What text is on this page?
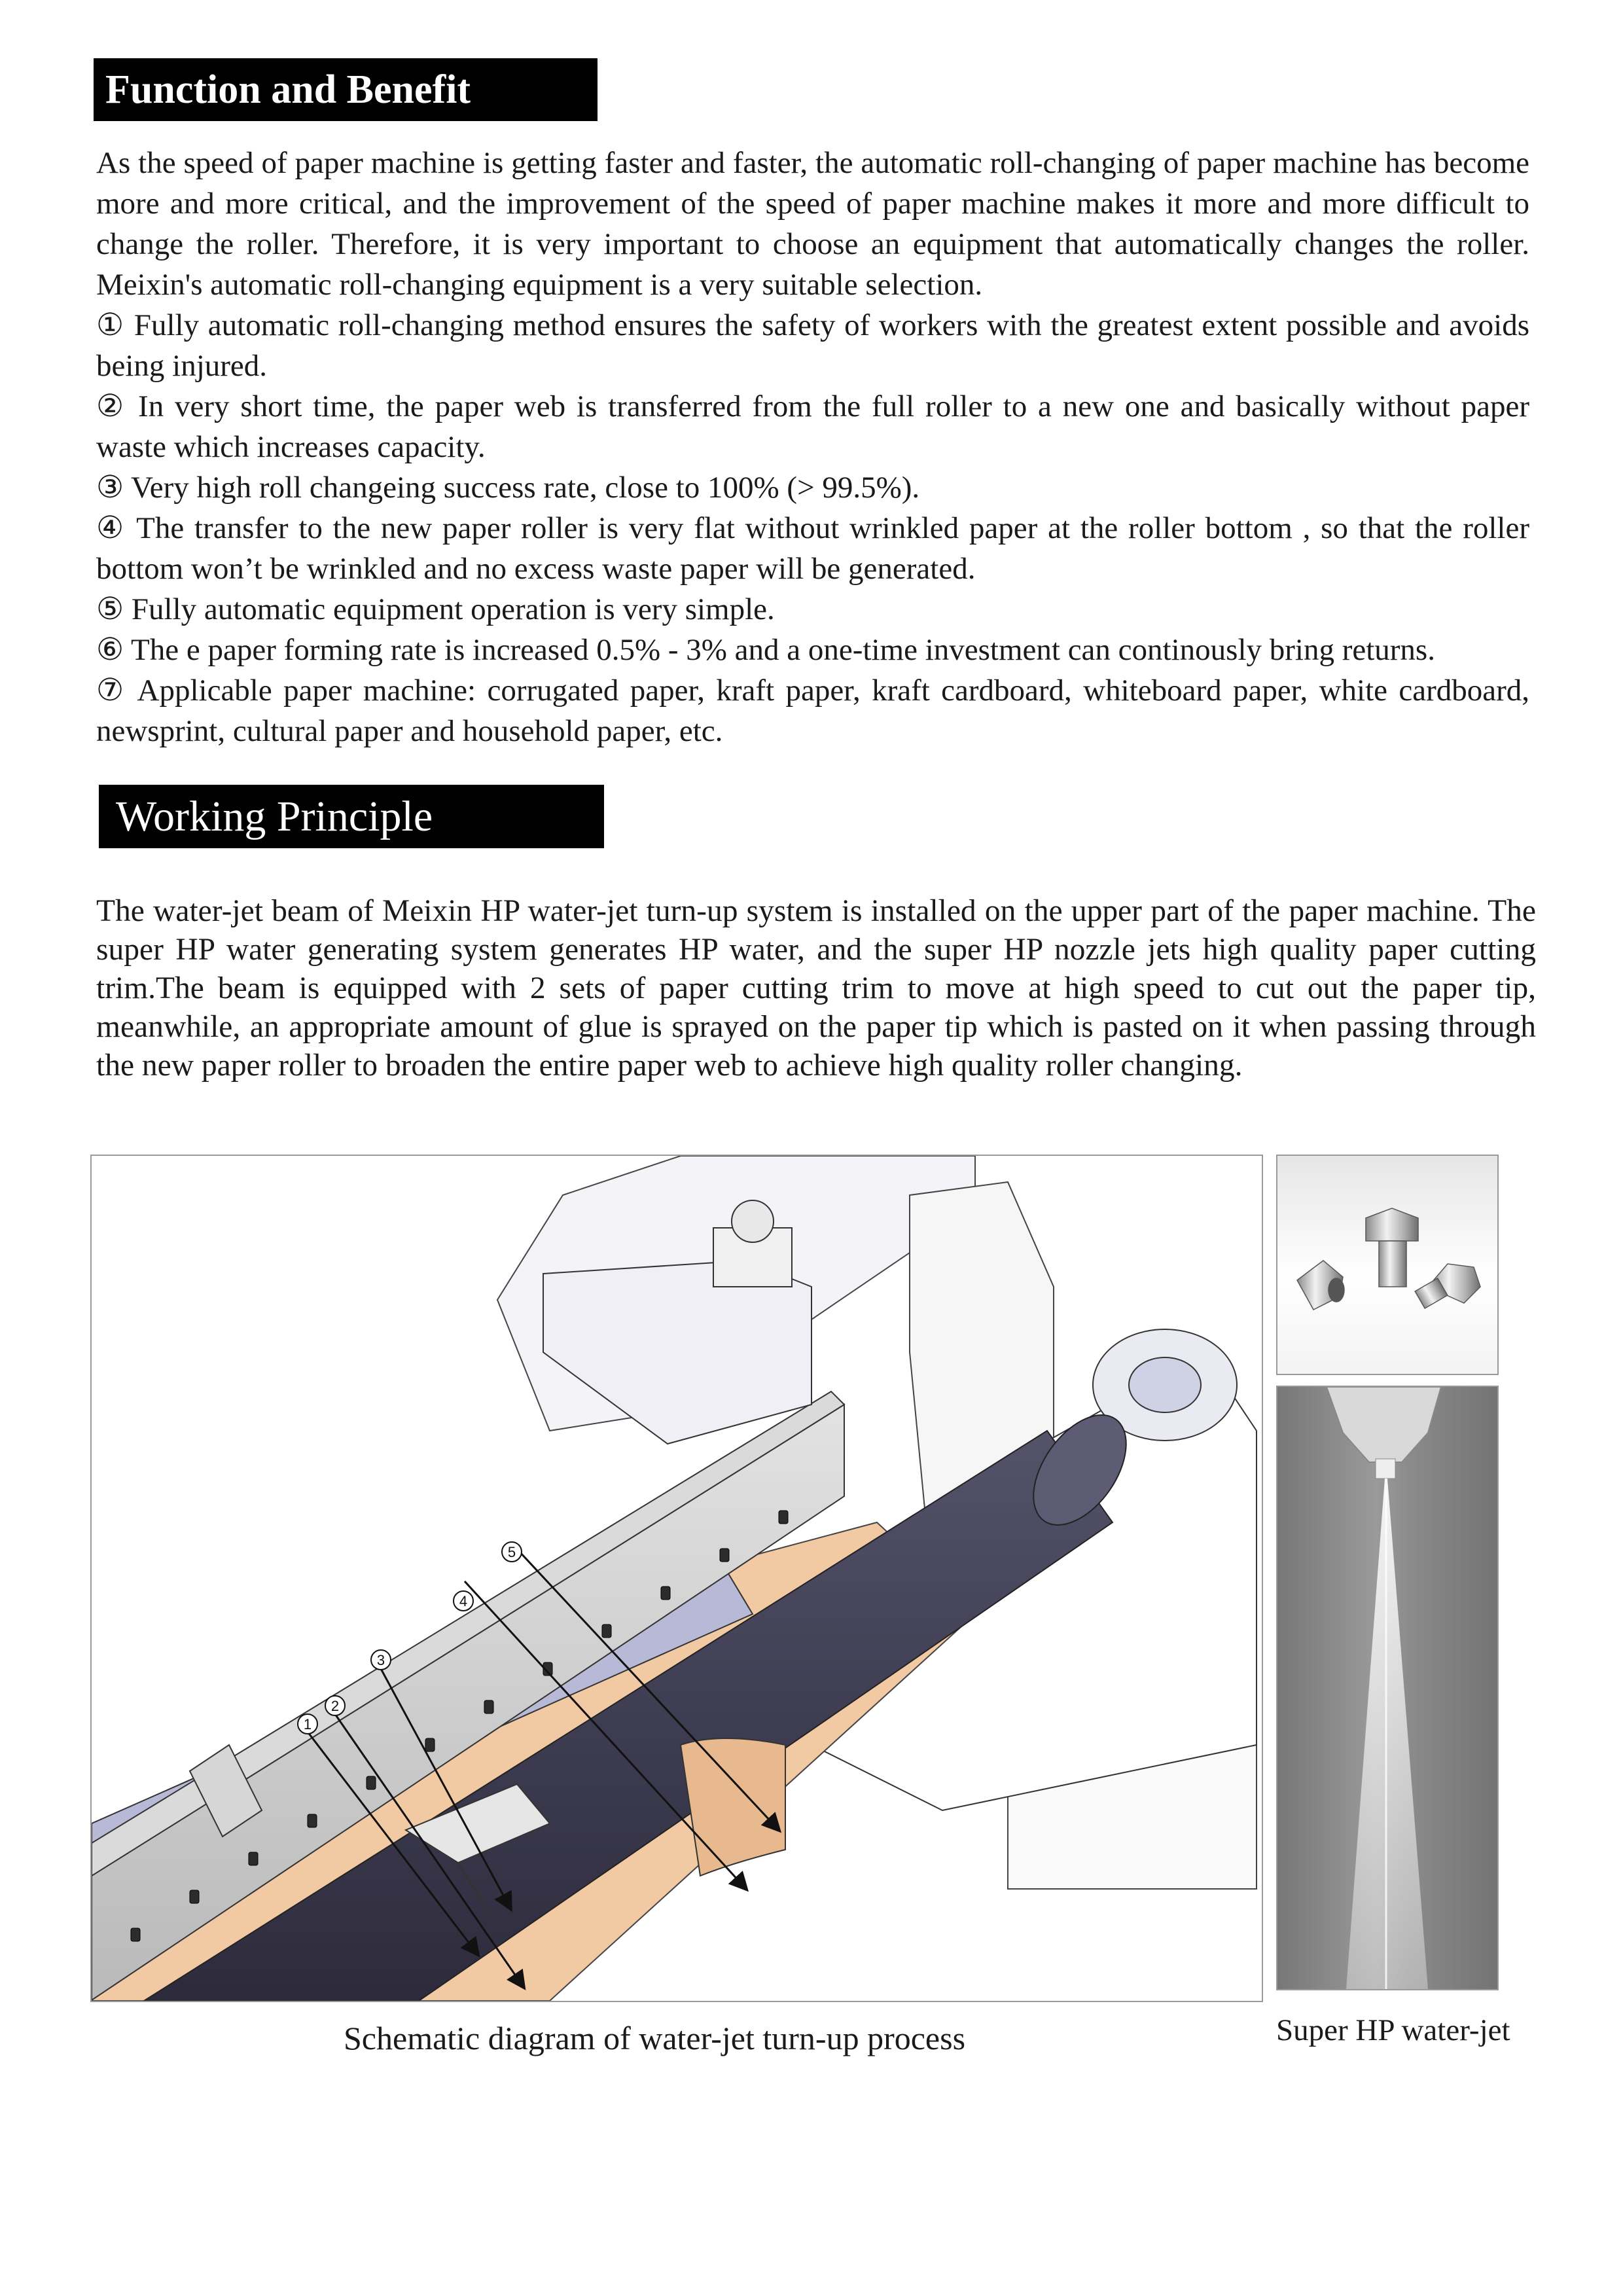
Function and Benefit

As the speed of paper machine is getting faster and faster, the automatic roll-changing of paper machine has become more and more critical, and the improvement of the speed of paper machine makes it more and more difficult to change the roller. Therefore, it is very important to choose an equipment that automatically changes the roller. Meixin's automatic roll-changing equipment is a very suitable selection.

① Fully automatic roll-changing method ensures the safety of workers with the greatest extent possible and avoids being injured.

② In very short time, the paper web is transferred from the full roller to a new one and basically without paper waste which increases capacity.

③ Very high roll changeing success rate, close to 100% (> 99.5%).

④ The transfer to the new paper roller is very flat without wrinkled paper at the roller bottom , so that the roller bottom won’t be wrinkled and no excess waste paper will be generated.

⑤ Fully automatic equipment operation is very simple.

⑥ The e paper forming rate is increased 0.5% - 3% and a one-time investment can continously bring returns.

⑦ Applicable paper machine: corrugated paper, kraft paper, kraft cardboard, whiteboard paper, white cardboard, newsprint, cultural paper and household paper, etc.

Working Principle

The water-jet beam of Meixin HP water-jet turn-up system is installed on the upper part of the paper machine. The super HP water generating system generates HP water, and the super HP nozzle jets high quality paper cutting trim.The beam is equipped with 2 sets of paper cutting trim to move at high speed to cut out the paper tip, meanwhile, an appropriate amount of glue is sprayed on the paper tip which is pasted on it when passing through the new paper roller to broaden the entire paper web to achieve high quality roller changing.

1
2
3
4
5
Schematic diagram of water-jet turn-up process	Super HP water-jet
